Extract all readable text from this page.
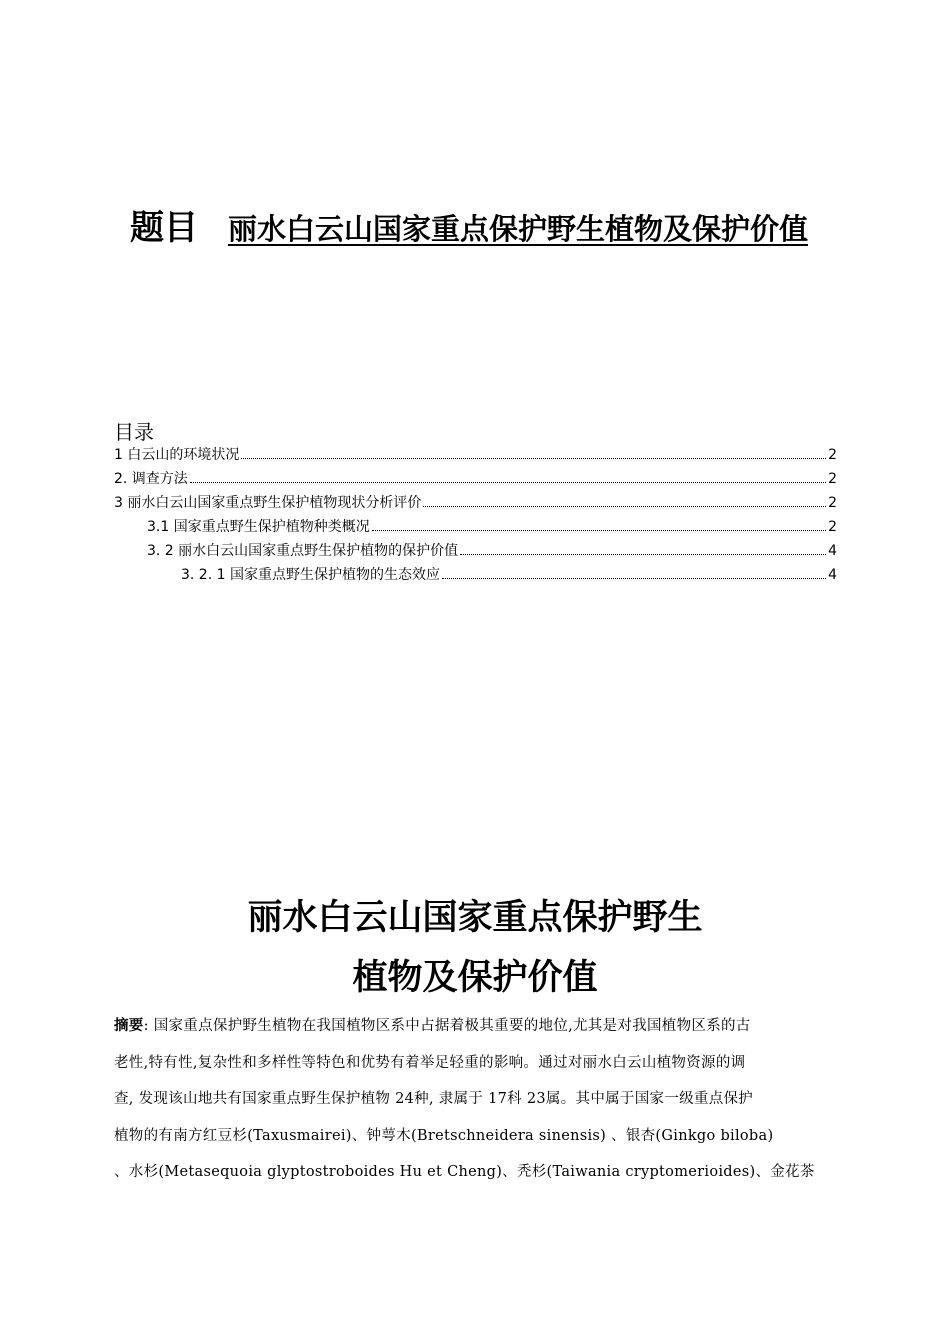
题目 丽水白云山国家重点保护野生植物及保护价值
目录
1 白云山的环境状况	2
2. 调查方法	2
3 丽水白云山国家重点野生保护植物现状分析评价	2
3.1 国家重点野生保护植物种类概况	2
3. 2 丽水白云山国家重点野生保护植物的保护价值	4
3. 2. 1 国家重点野生保护植物的生态效应	4
丽水白云山国家重点保护野生
植物及保护价值
摘要: 国家重点保护野生植物在我国植物区系中占据着极其重要的地位,尤其是对我国植物区系的古
老性,特有性,复杂性和多样性等特色和优势有着举足轻重的影响。通过对丽水白云山植物资源的调
查, 发现该山地共有国家重点野生保护植物 24种, 隶属于 17科 23属。其中属于国家一级重点保护
植物的有南方红豆杉(Taxusmairei)、钟萼木(Bretschneidera sinensis) 、银杏(Ginkgo biloba)
、水杉(Metasequoia glyptostroboides Hu et Cheng)、秃杉(Taiwania cryptomerioides)、金花茶
